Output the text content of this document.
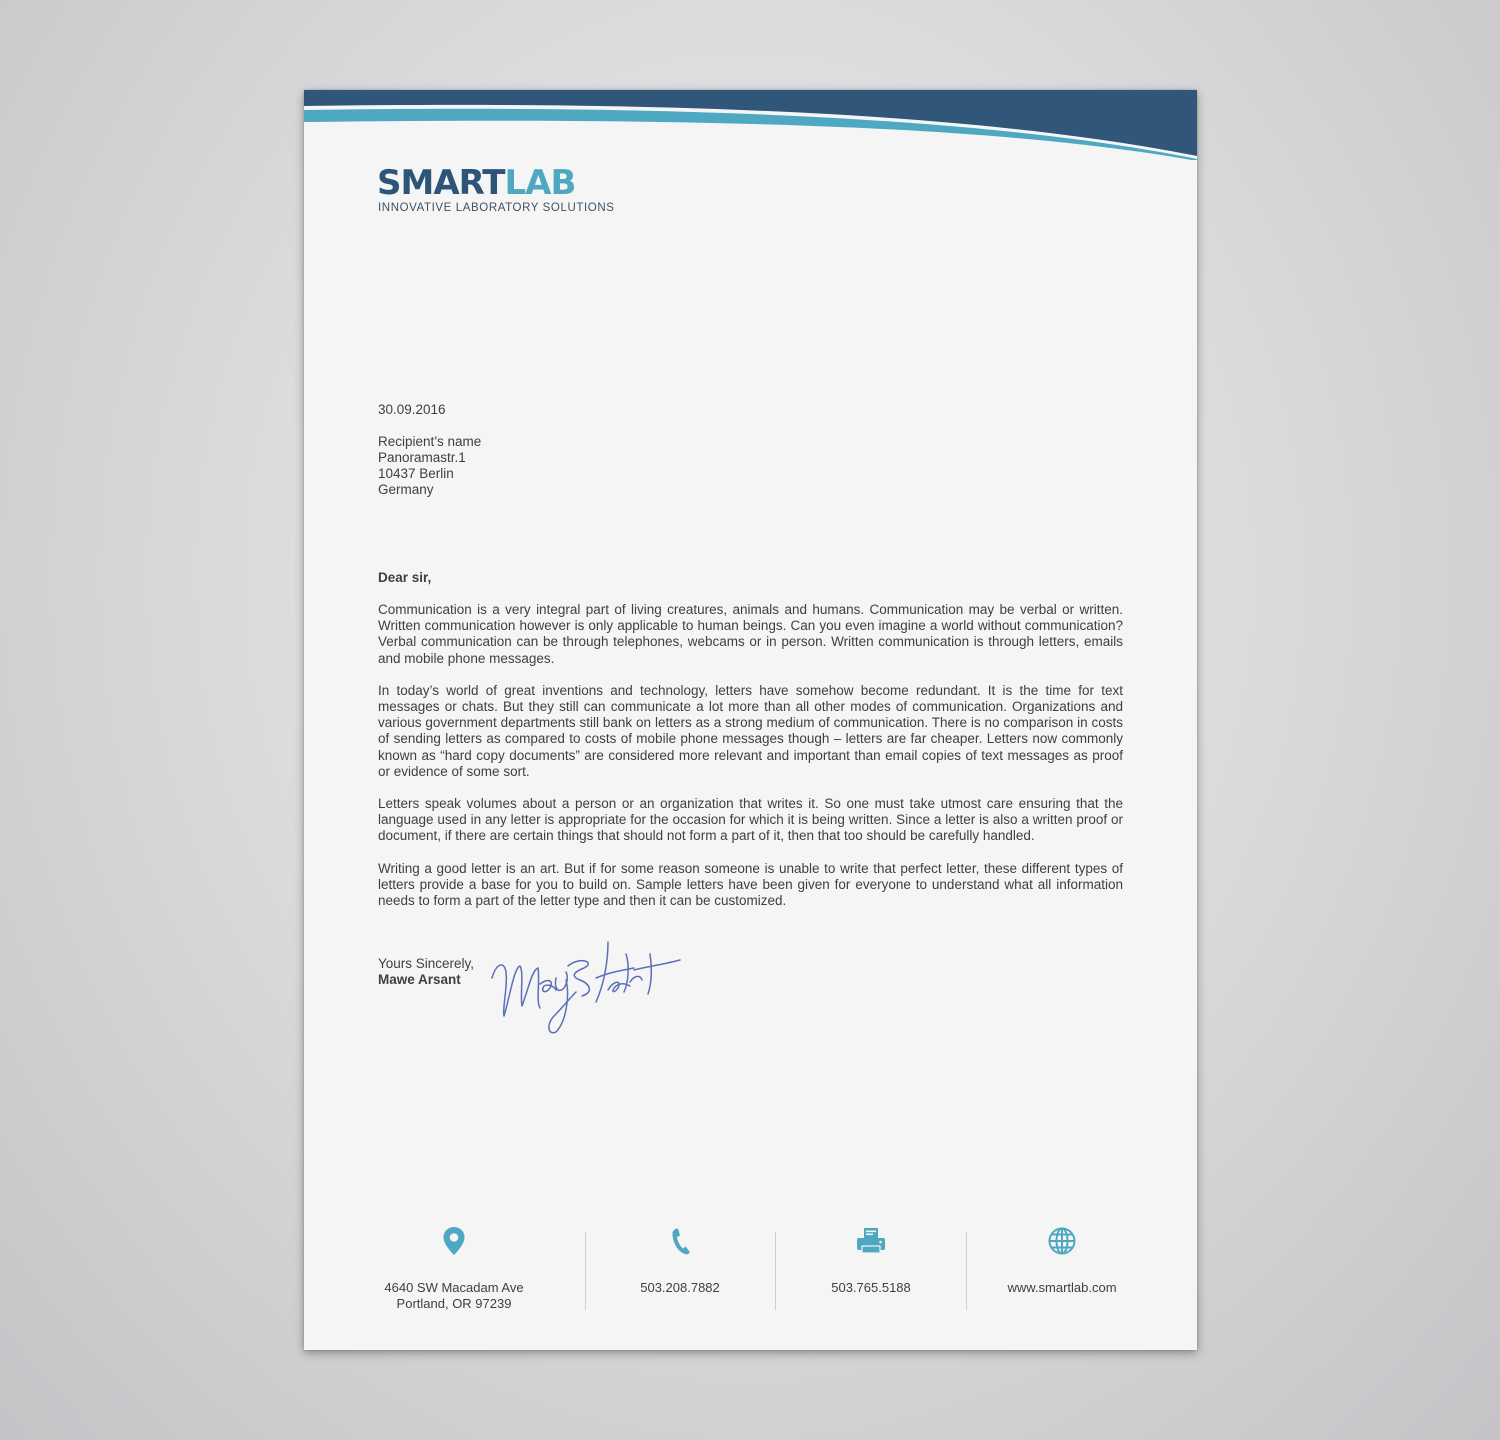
SMARTLAB
INNOVATIVE LABORATORY SOLUTIONS
30.09.2016
Recipient’s name
Panoramastr.1
10437 Berlin
Germany
Dear sir,

Communication is a very integral part of living creatures, animals and humans. Communication may be verbal or written. Written communication however is only applicable to human beings. Can you even imagine a world without communication? Verbal communication can be through telephones, webcams or in person. Written communication is through letters, emails and mobile phone messages.

In today’s world of great inventions and technology, letters have somehow become redundant. It is the time for text messages or chats. But they still can communicate a lot more than all other modes of communication. Organizations and various government departments still bank on letters as a strong medium of communication. There is no comparison in costs of sending letters as compared to costs of mobile phone messages though – letters are far cheaper. Letters now commonly known as “hard copy documents” are considered more relevant and important than email copies of text messages as proof or evidence of some sort.

Letters speak volumes about a person or an organization that writes it. So one must take utmost care ensuring that the language used in any letter is appropriate for the occasion for which it is being written. Since a letter is also a written proof or document, if there are certain things that should not form a part of it, then that too should be carefully handled.

Writing a good letter is an art. But if for some reason someone is unable to write that perfect letter, these different types of letters provide a base for you to build on. Sample letters have been given for everyone to understand what all information needs to form a part of the letter type and then it can be customized.

Yours Sincerely,
Mawe Arsant
4640 SW Macadam Ave
Portland, OR 97239
503.208.7882	503.765.5188	www.smartlab.com
